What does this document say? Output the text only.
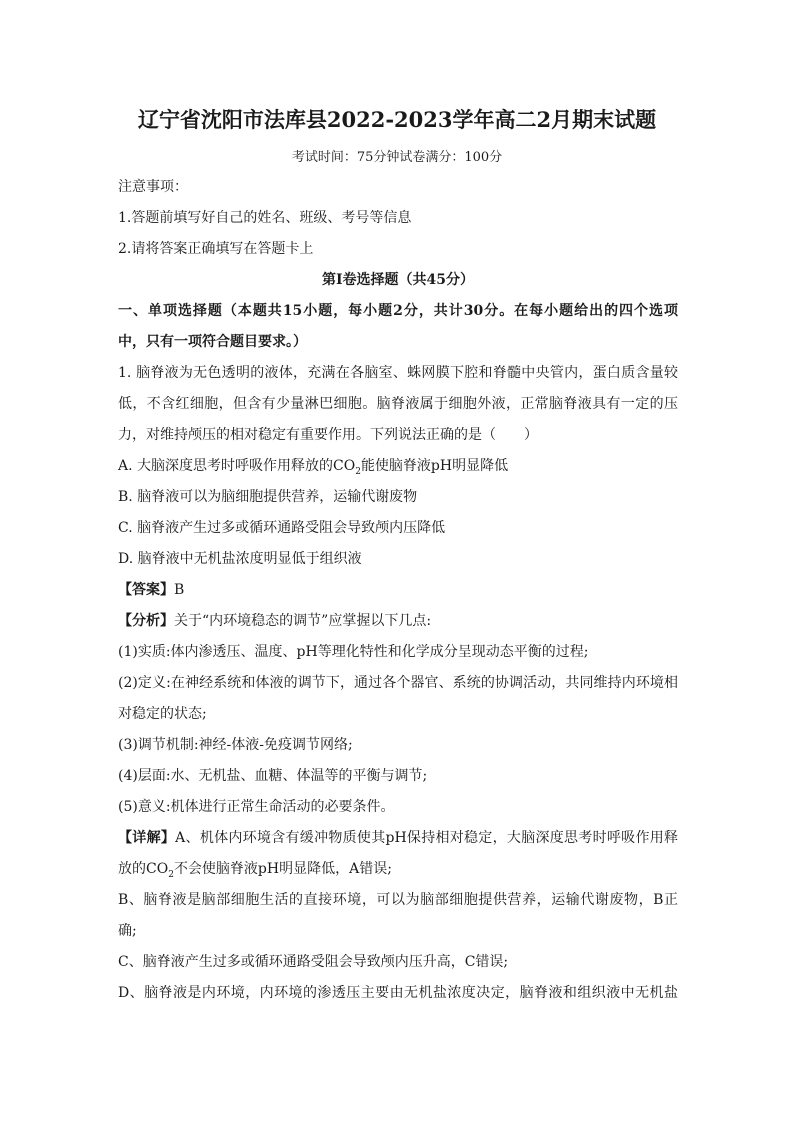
辽宁省沈阳市法库县2022-2023学年高二2月期末试题
考试时间：75分钟试卷满分：100分

注意事项：

1.答题前填写好自己的姓名、班级、考号等信息

2.请将答案正确填写在答题卡上

第Ⅰ卷选择题（共45分）

一、单项选择题（本题共15小题，每小题2分，共计30分。在每小题给出的四个选项

中，只有一项符合题目要求。）

1. 脑脊液为无色透明的液体，充满在各脑室、蛛网膜下腔和脊髓中央管内，蛋白质含量较

低，不含红细胞，但含有少量淋巴细胞。脑脊液属于细胞外液，正常脑脊液具有一定的压

力，对维持颅压的相对稳定有重要作用。下列说法正确的是（　　）

A. 大脑深度思考时呼吸作用释放的$CO_2$能使脑脊液pH明显降低

B. 脑脊液可以为脑细胞提供营养，运输代谢废物

C. 脑脊液产生过多或循环通路受阻会导致颅内压降低

D. 脑脊液中无机盐浓度明显低于组织液

【答案】B

【分析】关于“内环境稳态的调节”应掌握以下几点:

(1)实质:体内渗透压、温度、pH等理化特性和化学成分呈现动态平衡的过程;

(2)定义:在神经系统和体液的调节下，通过各个器官、系统的协调活动，共同维持内环境相

对稳定的状态;

(3)调节机制:神经-体液-免疫调节网络;

(4)层面:水、无机盐、血糖、体温等的平衡与调节;

(5)意义:机体进行正常生命活动的必要条件。

【详解】A、机体内环境含有缓冲物质使其pH保持相对稳定，大脑深度思考时呼吸作用释

放的$CO_2$不会使脑脊液pH明显降低，A错误;

B、脑脊液是脑部细胞生活的直接环境，可以为脑部细胞提供营养，运输代谢废物，B正

确;

C、脑脊液产生过多或循环通路受阻会导致颅内压升高，C错误;

D、脑脊液是内环境，内环境的渗透压主要由无机盐浓度决定，脑脊液和组织液中无机盐
